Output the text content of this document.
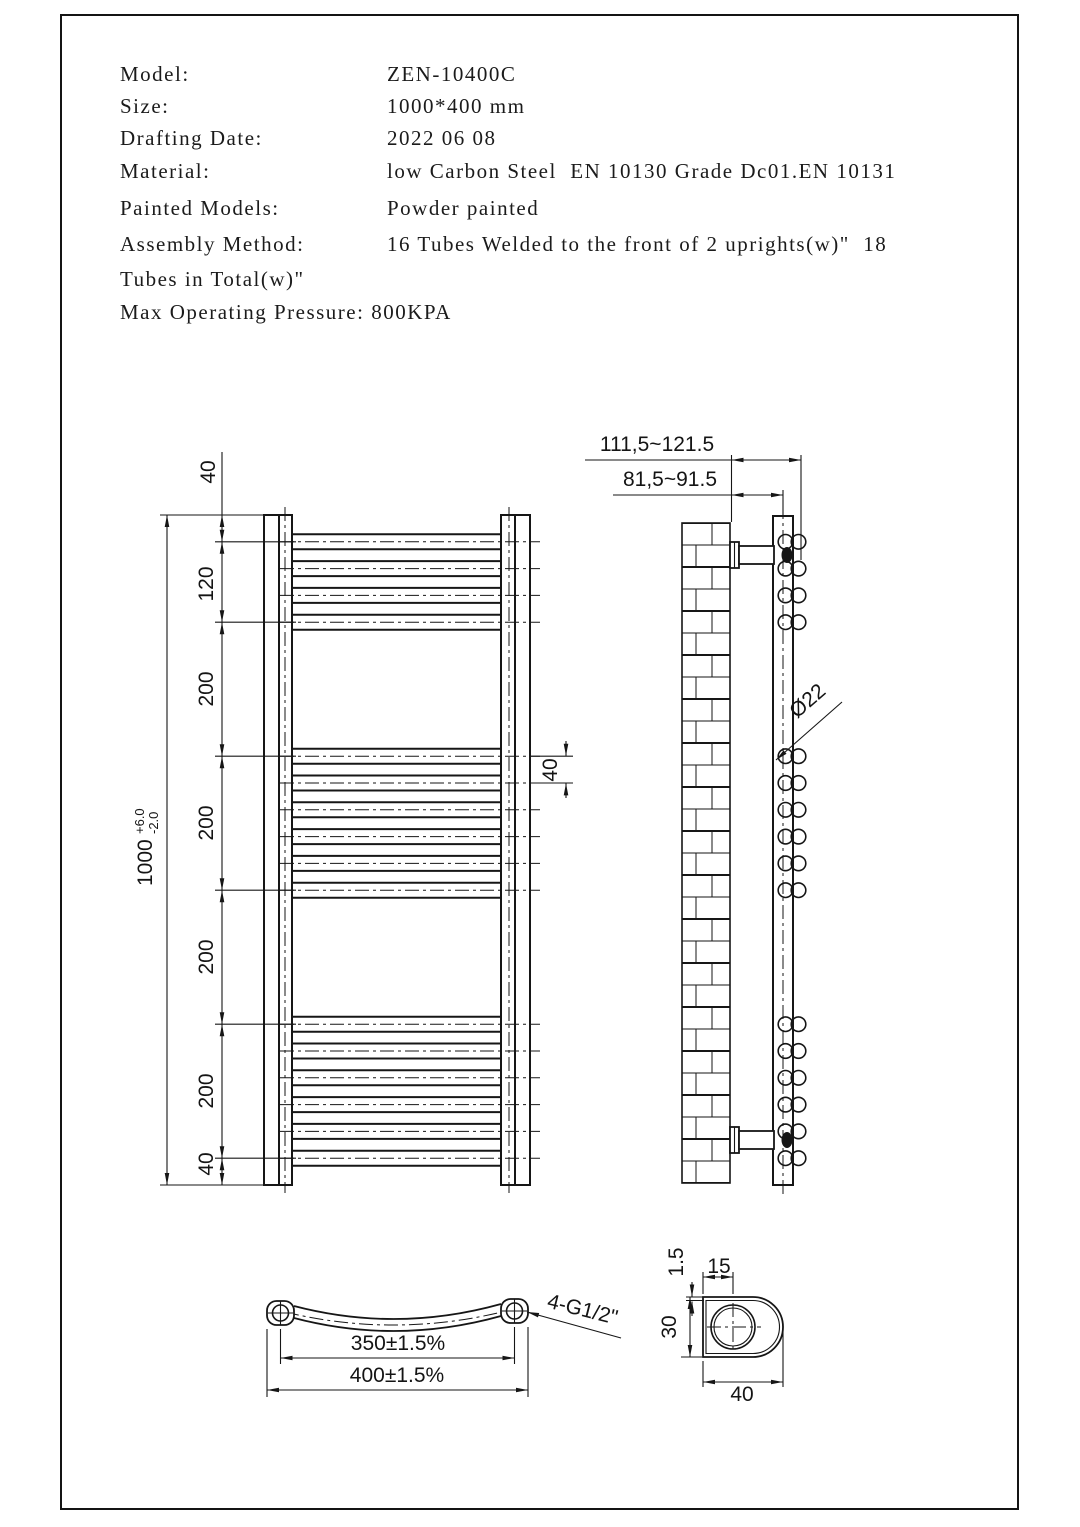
Model:	ZEN-10400C
Size:	1000*400 mm
Drafting Date:	2022 06 08
Material:	low Carbon Steel  EN 10130 Grade Dc01.EN 10131
Painted Models:	Powder painted
Assembly Method:	16 Tubes Welded to the front of 2 uprights(w)"  18
Tubes in Total(w)"
Max Operating Pressure: 800KPA
1000
+6.0 -2.0
40
120
200
200
200
200
40
40
111,5~121.5
81,5~91.5
Ø22
4-G1/2"
350±1.5%
400±1.5%
15
1.5
30
40
